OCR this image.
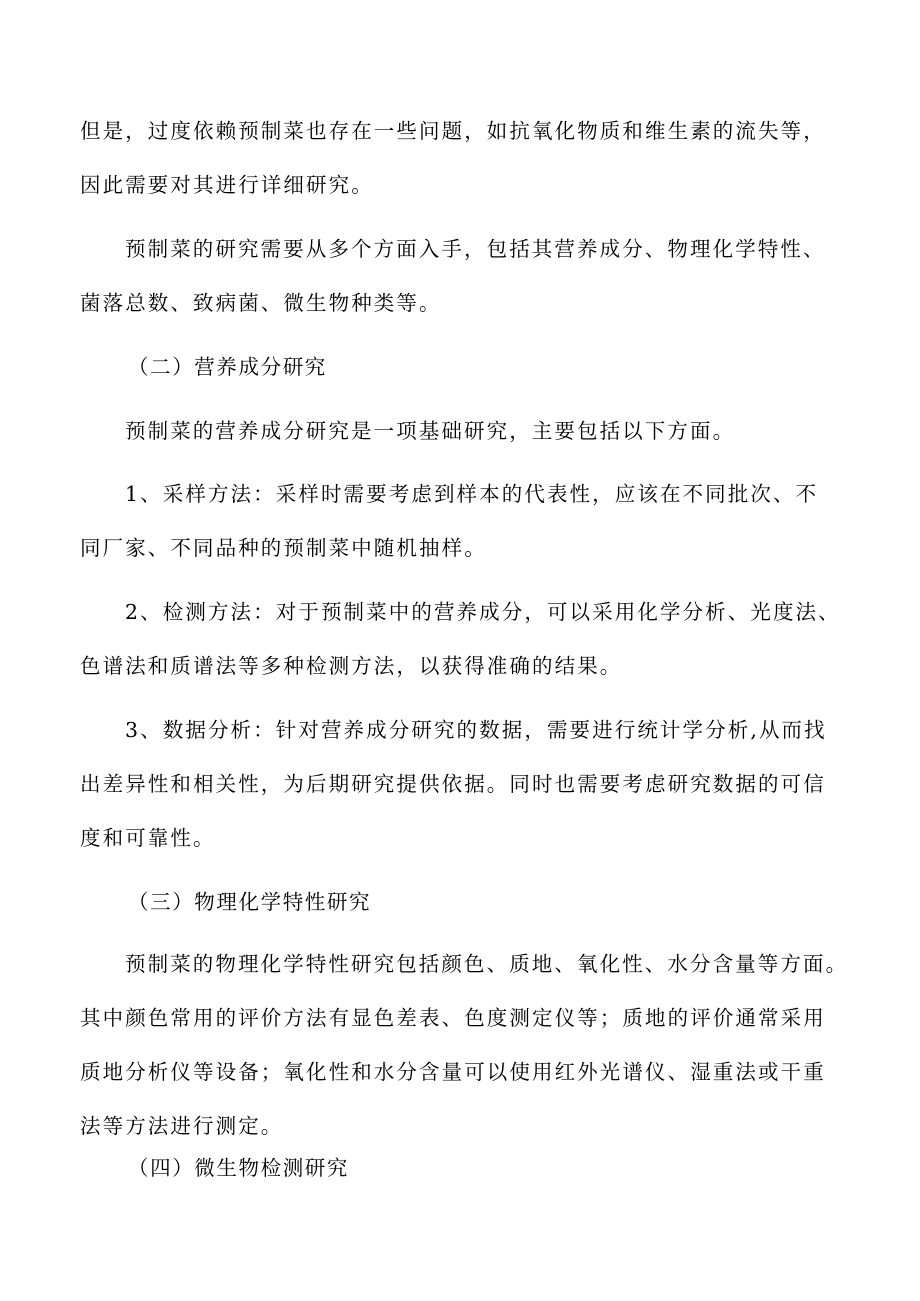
但是，过度依赖预制菜也存在一些问题，如抗氧化物质和维生素的流失等，
因此需要对其进行详细研究。
预制菜的研究需要从多个方面入手，包括其营养成分、物理化学特性、
菌落总数、致病菌、微生物种类等。
（二）营养成分研究
预制菜的营养成分研究是一项基础研究，主要包括以下方面。
1、采样方法：采样时需要考虑到样本的代表性，应该在不同批次、不
同厂家、不同品种的预制菜中随机抽样。
2、检测方法：对于预制菜中的营养成分，可以采用化学分析、光度法、
色谱法和质谱法等多种检测方法，以获得准确的结果。
3、数据分析：针对营养成分研究的数据，需要进行统计学分析,从而找
出差异性和相关性，为后期研究提供依据。同时也需要考虑研究数据的可信
度和可靠性。
（三）物理化学特性研究
预制菜的物理化学特性研究包括颜色、质地、氧化性、水分含量等方面。
其中颜色常用的评价方法有显色差表、色度测定仪等；质地的评价通常采用
质地分析仪等设备；氧化性和水分含量可以使用红外光谱仪、湿重法或干重
法等方法进行测定。
（四）微生物检测研究
